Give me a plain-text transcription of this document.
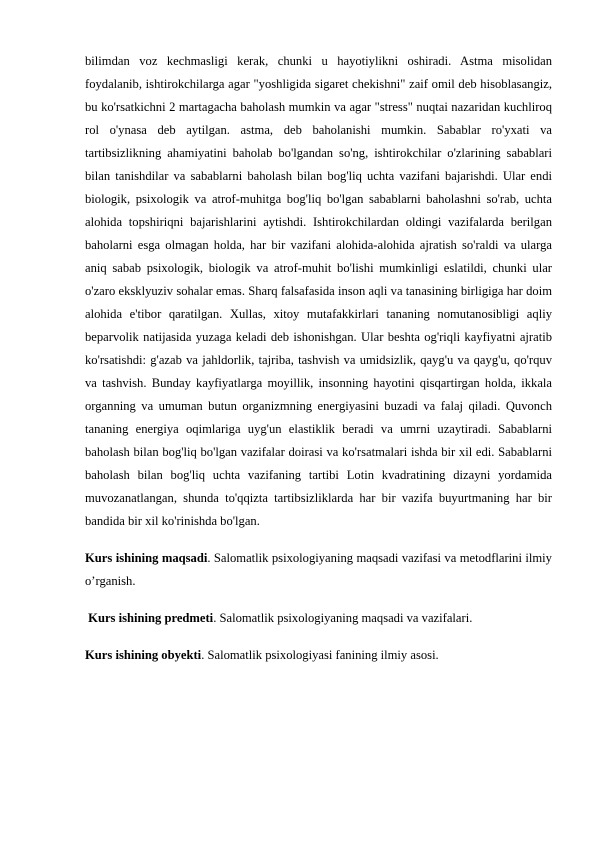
bilimdan voz kechmasligi kerak, chunki u hayotiylikni oshiradi. Astma misolidan foydalanib, ishtirokchilarga agar "yoshligida sigaret chekishni" zaif omil deb hisoblasangiz, bu ko'rsatkichni 2 martagacha baholash mumkin va agar "stress" nuqtai nazaridan kuchliroq rol o'ynasa deb aytilgan. astma, deb baholanishi mumkin. Sabablar ro'yxati va tartibsizlikning ahamiyatini baholab bo'lgandan so'ng, ishtirokchilar o'zlarining sabablari bilan tanishdilar va sabablarni baholash bilan bog'liq uchta vazifani bajarishdi. Ular endi biologik, psixologik va atrof-muhitga bog'liq bo'lgan sabablarni baholashni so'rab, uchta alohida topshiriqni bajarishlarini aytishdi. Ishtirokchilardan oldingi vazifalarda berilgan baholarni esga olmagan holda, har bir vazifani alohida-alohida ajratish so'raldi va ularga aniq sabab psixologik, biologik va atrof-muhit bo'lishi mumkinligi eslatildi, chunki ular o'zaro eksklyuziv sohalar emas. Sharq falsafasida inson aqli va tanasining birligiga har doim alohida e'tibor qaratilgan. Xullas, xitoy mutafakkirlari tananing nomutanosibligi aqliy beparvolik natijasida yuzaga keladi deb ishonishgan. Ular beshta og'riqli kayfiyatni ajratib ko'rsatishdi: g'azab va jahldorlik, tajriba, tashvish va umidsizlik, qayg'u va qayg'u, qo'rquv va tashvish. Bunday kayfiyatlarga moyillik, insonning hayotini qisqartirgan holda, ikkala organning va umuman butun organizmning energiyasini buzadi va falaj qiladi. Quvonch tananing energiya oqimlariga uyg'un elastiklik beradi va umrni uzaytiradi. Sabablarni baholash bilan bog'liq bo'lgan vazifalar doirasi va ko'rsatmalari ishda bir xil edi. Sabablarni baholash bilan bog'liq uchta vazifaning tartibi Lotin kvadratining dizayni yordamida muvozanatlangan, shunda to'qqizta tartibsizliklarda har bir vazifa buyurtmaning har bir bandida bir xil ko'rinishda bo'lgan.

Kurs ishining maqsadi. Salomatlik psixologiyaning maqsadi vazifasi va metodflarini ilmiy o’rganish.

Kurs ishining predmeti. Salomatlik psixologiyaning maqsadi va vazifalari.

Kurs ishining obyekti. Salomatlik psixologiyasi fanining ilmiy asosi.
